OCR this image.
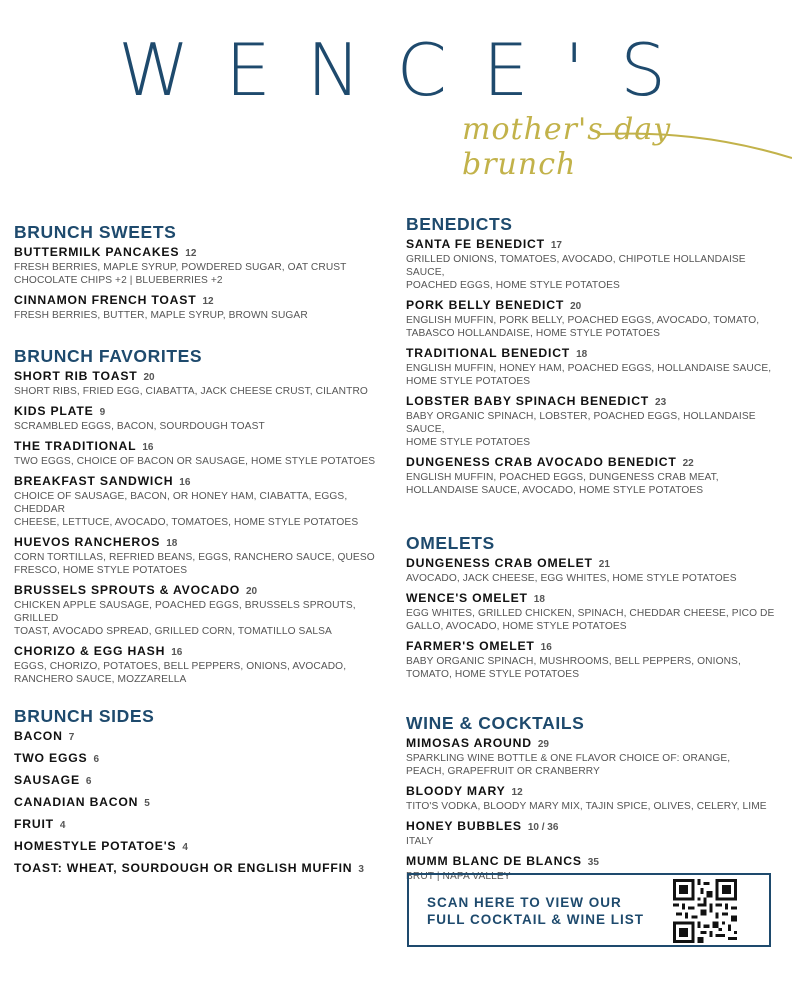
WENCE'S
mother's day brunch
BRUNCH SWEETS
BUTTERMILK PANCAKES 12
FRESH BERRIES, MAPLE SYRUP, POWDERED SUGAR, OAT CRUST
CHOCOLATE CHIPS +2 | BLUEBERRIES +2
CINNAMON FRENCH TOAST 12
FRESH BERRIES, BUTTER, MAPLE SYRUP, BROWN SUGAR
BRUNCH FAVORITES
SHORT RIB TOAST 20
SHORT RIBS, FRIED EGG, CIABATTA, JACK CHEESE CRUST, CILANTRO
KIDS PLATE 9
SCRAMBLED EGGS, BACON, SOURDOUGH TOAST
THE TRADITIONAL 16
TWO EGGS, CHOICE OF BACON OR SAUSAGE, HOME STYLE POTATOES
BREAKFAST SANDWICH 16
CHOICE OF SAUSAGE, BACON, OR HONEY HAM, CIABATTA, EGGS, CHEDDAR
CHEESE, LETTUCE, AVOCADO, TOMATOES, HOME STYLE POTATOES
HUEVOS RANCHEROS 18
CORN TORTILLAS, REFRIED BEANS, EGGS, RANCHERO SAUCE, QUESO
FRESCO, HOME STYLE POTATOES
BRUSSELS SPROUTS & AVOCADO 20
CHICKEN APPLE SAUSAGE, POACHED EGGS, BRUSSELS SPROUTS, GRILLED
TOAST, AVOCADO SPREAD, GRILLED CORN, TOMATILLO SALSA
CHORIZO & EGG HASH 16
EGGS, CHORIZO, POTATOES, BELL PEPPERS, ONIONS, AVOCADO,
RANCHERO SAUCE, MOZZARELLA
BRUNCH SIDES
BACON 7
TWO EGGS 6
SAUSAGE 6
CANADIAN BACON 5
FRUIT 4
HOMESTYLE POTATOE'S 4
TOAST: WHEAT, SOURDOUGH OR ENGLISH MUFFIN 3
BENEDICTS
SANTA FE BENEDICT 17
GRILLED ONIONS, TOMATOES, AVOCADO, CHIPOTLE HOLLANDAISE SAUCE,
POACHED EGGS, HOME STYLE POTATOES
PORK BELLY BENEDICT 20
ENGLISH MUFFIN, PORK BELLY, POACHED EGGS, AVOCADO, TOMATO,
TABASCO HOLLANDAISE, HOME STYLE POTATOES
TRADITIONAL BENEDICT 18
ENGLISH MUFFIN, HONEY HAM, POACHED EGGS, HOLLANDAISE SAUCE,
HOME STYLE POTATOES
LOBSTER BABY SPINACH BENEDICT 23
BABY ORGANIC SPINACH, LOBSTER, POACHED EGGS, HOLLANDAISE SAUCE,
HOME STYLE POTATOES
DUNGENESS CRAB AVOCADO BENEDICT 22
ENGLISH MUFFIN, POACHED EGGS, DUNGENESS CRAB MEAT,
HOLLANDAISE SAUCE, AVOCADO, HOME STYLE POTATOES
OMELETS
DUNGENESS CRAB OMELET 21
AVOCADO, JACK CHEESE, EGG WHITES, HOME STYLE POTATOES
WENCE'S OMELET 18
EGG WHITES, GRILLED CHICKEN, SPINACH, CHEDDAR CHEESE, PICO DE
GALLO, AVOCADO, HOME STYLE POTATOES
FARMER'S OMELET 16
BABY ORGANIC SPINACH, MUSHROOMS, BELL PEPPERS, ONIONS,
TOMATO, HOME STYLE POTATOES
WINE & COCKTAILS
MIMOSAS AROUND 29
SPARKLING WINE BOTTLE & ONE FLAVOR CHOICE OF: ORANGE,
PEACH, GRAPEFRUIT OR CRANBERRY
BLOODY MARY 12
TITO'S VODKA, BLOODY MARY MIX, TAJIN SPICE, OLIVES, CELERY, LIME
HONEY BUBBLES 10 / 36
ITALY
MUMM BLANC DE BLANCS 35
BRUT | NAPA VALLEY
SCAN HERE TO VIEW OUR
FULL COCKTAIL & WINE LIST
